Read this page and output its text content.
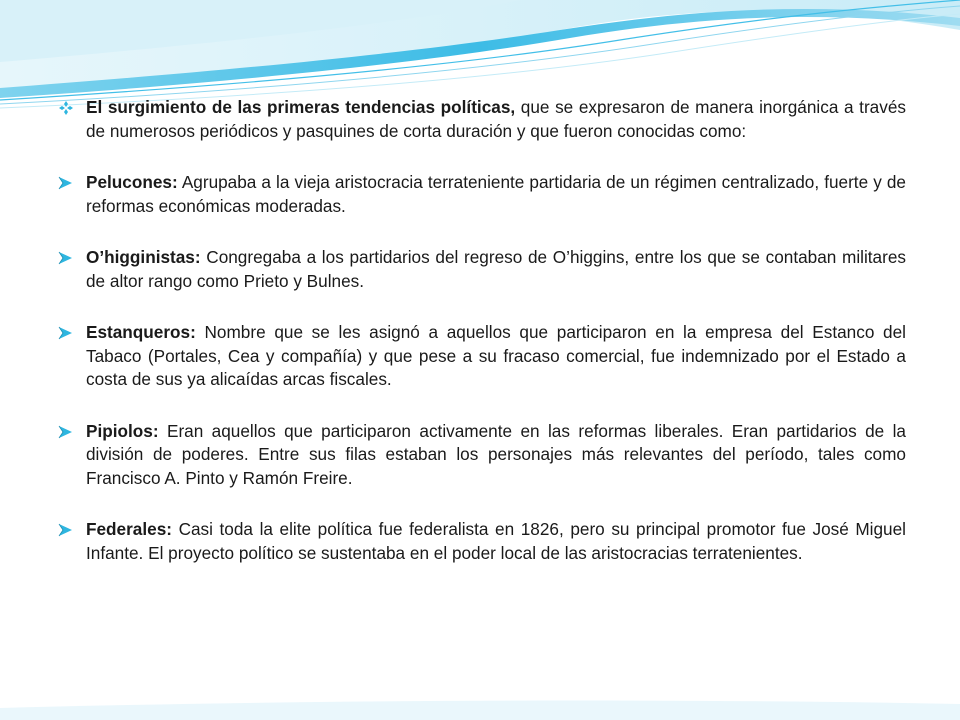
El surgimiento de las primeras tendencias políticas, que se expresaron de manera inorgánica a través de numerosos periódicos y pasquines de corta duración y que fueron conocidas como:
Pelucones: Agrupaba a la vieja aristocracia terrateniente partidaria de un régimen centralizado, fuerte y de reformas económicas moderadas.
O’higginistas: Congregaba a los partidarios del regreso de O’higgins, entre los que se contaban militares de altor rango como Prieto y Bulnes.
Estanqueros: Nombre que se les asignó a aquellos que participaron en la empresa del Estanco del Tabaco (Portales, Cea y compañía) y que pese a su fracaso comercial, fue indemnizado por el Estado a costa de sus ya alicaídas arcas fiscales.
Pipiolos: Eran aquellos que participaron activamente en las reformas liberales. Eran partidarios de la división de poderes. Entre sus filas estaban los personajes más relevantes del período, tales como Francisco A. Pinto y Ramón Freire.
Federales: Casi toda la elite política fue federalista en 1826, pero su principal promotor fue José Miguel Infante. El proyecto político se sustentaba en el poder local de las aristocracias terratenientes.
